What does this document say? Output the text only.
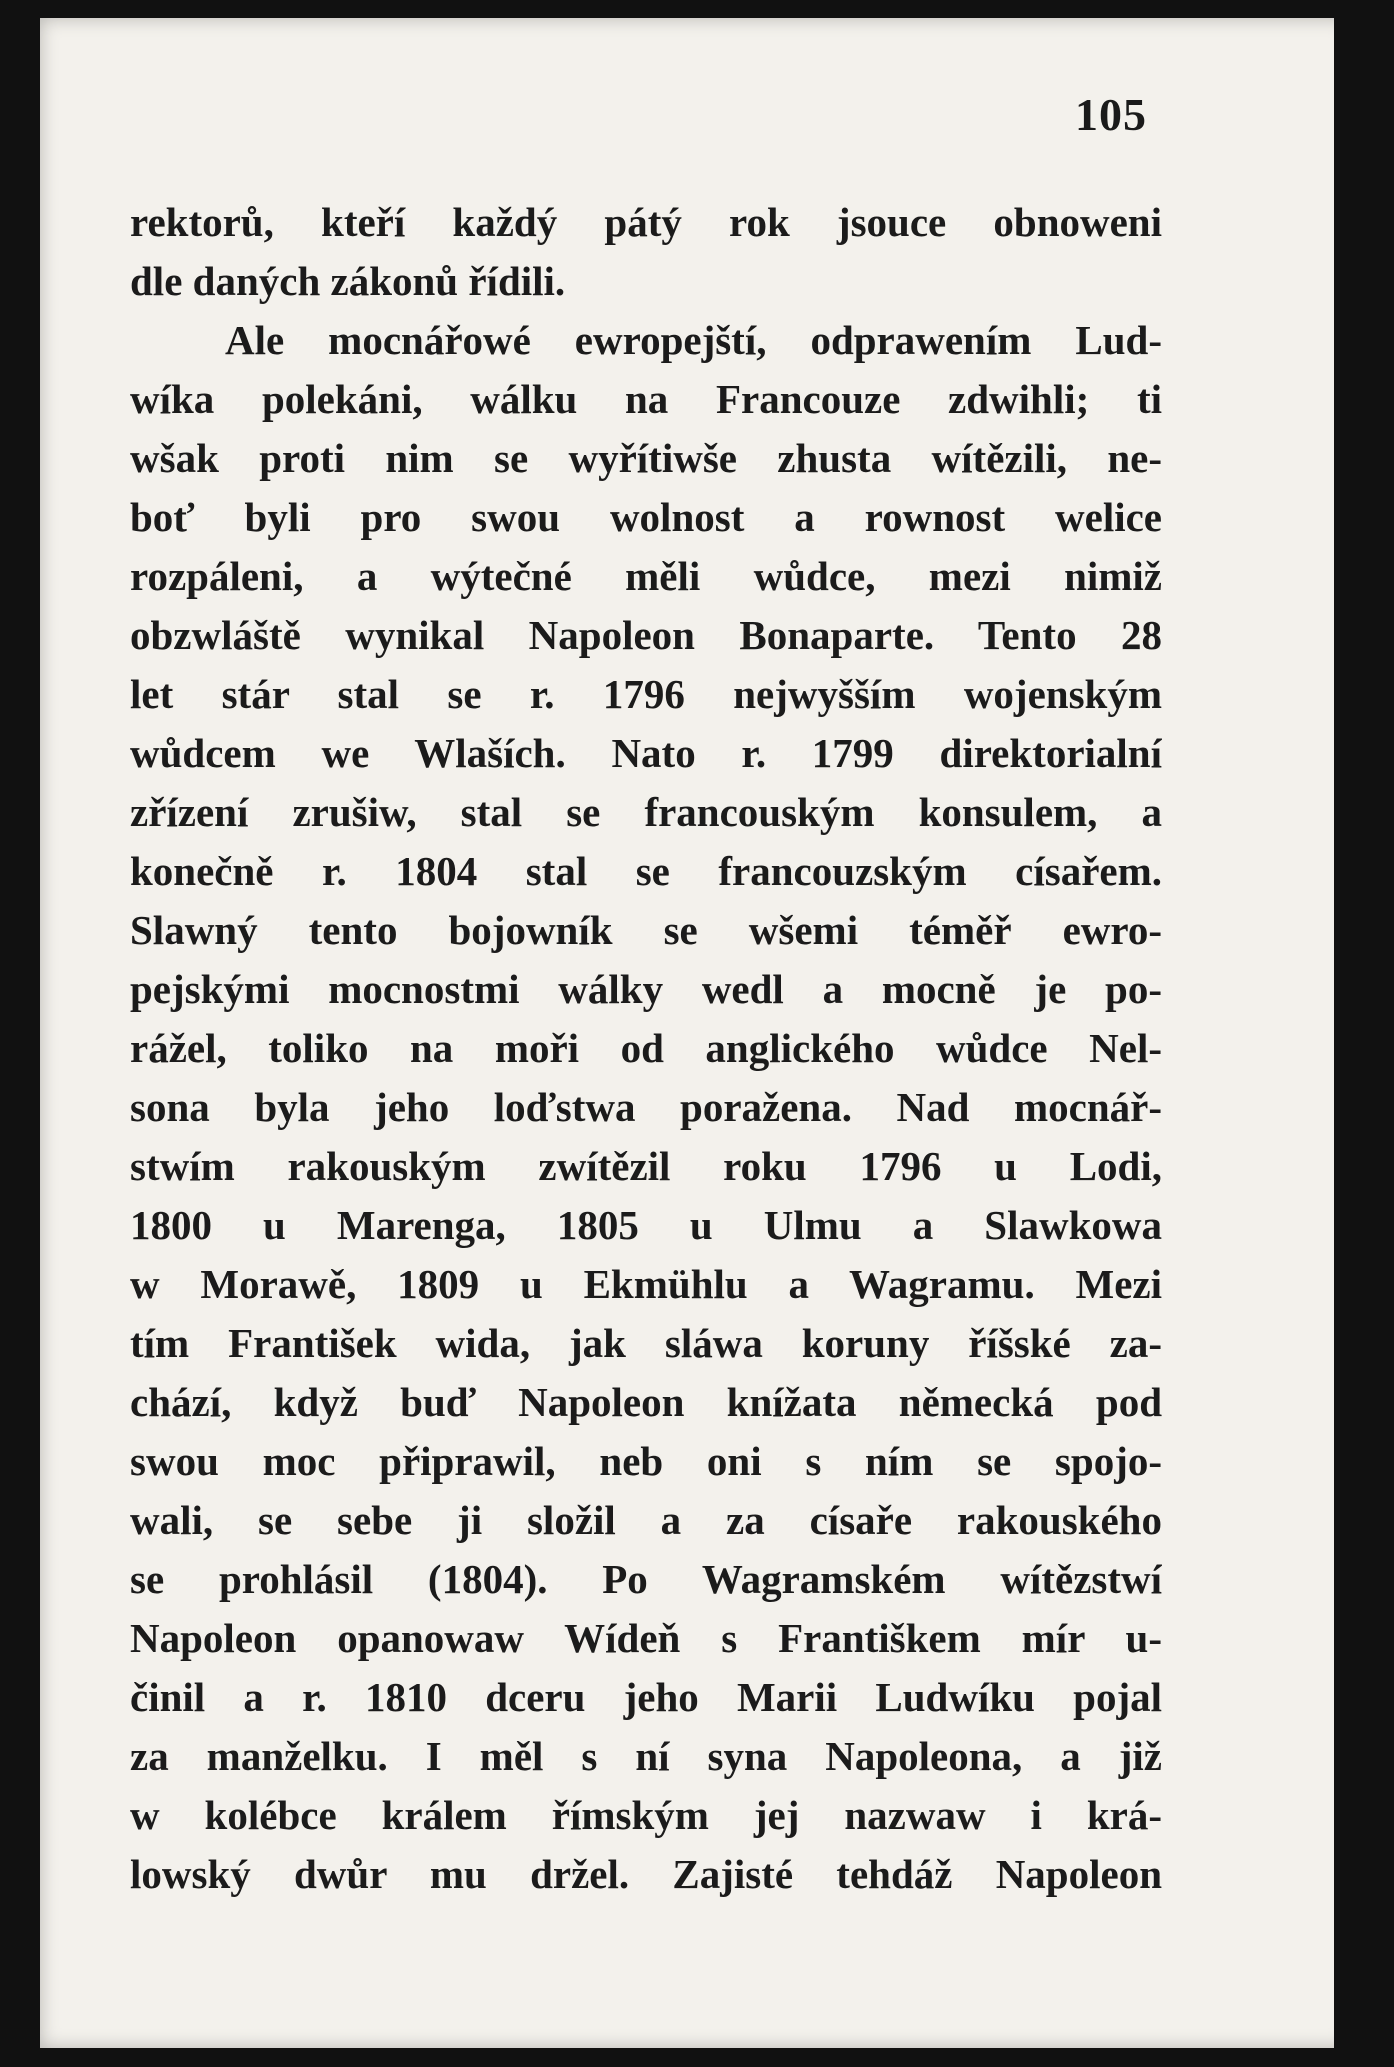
105
rektorů, kteří každý pátý rok jsouce obnoweni
dle daných zákonů řídili.
Ale mocnářowé ewropejští, odprawením Lud-
wíka polekáni, wálku na Francouze zdwihli; ti
wšak proti nim se wyřítiwše zhusta wítězili, ne-
boť byli pro swou wolnost a rownost welice
rozpáleni, a wýtečné měli wůdce, mezi nimiž
obzwláště wynikal Napoleon Bonaparte. Tento 28
let stár stal se r. 1796 nejwyšším wojenským
wůdcem we Wlaších. Nato r. 1799 direktorialní
zřízení zrušiw, stal se francouským konsulem, a
konečně r. 1804 stal se francouzským císařem.
Slawný tento bojowník se wšemi téměř ewro-
pejskými mocnostmi wálky wedl a mocně je po-
rážel, toliko na moři od anglického wůdce Nel-
sona byla jeho loďstwa poražena. Nad mocnář-
stwím rakouským zwítězil roku 1796 u Lodi,
1800 u Marenga, 1805 u Ulmu a Slawkowa
w Morawě, 1809 u Ekmühlu a Wagramu. Mezi
tím František wida, jak sláwa koruny říšské za-
chází, když buď Napoleon knížata německá pod
swou moc připrawil, neb oni s ním se spojo-
wali, se sebe ji složil a za císaře rakouského
se prohlásil (1804). Po Wagramském wítězstwí
Napoleon opanowaw Wídeň s Františkem mír u-
činil a r. 1810 dceru jeho Marii Ludwíku pojal
za manželku. I měl s ní syna Napoleona, a již
w kolébce králem římským jej nazwaw i krá-
lowský dwůr mu držel. Zajisté tehdáž Napoleon
